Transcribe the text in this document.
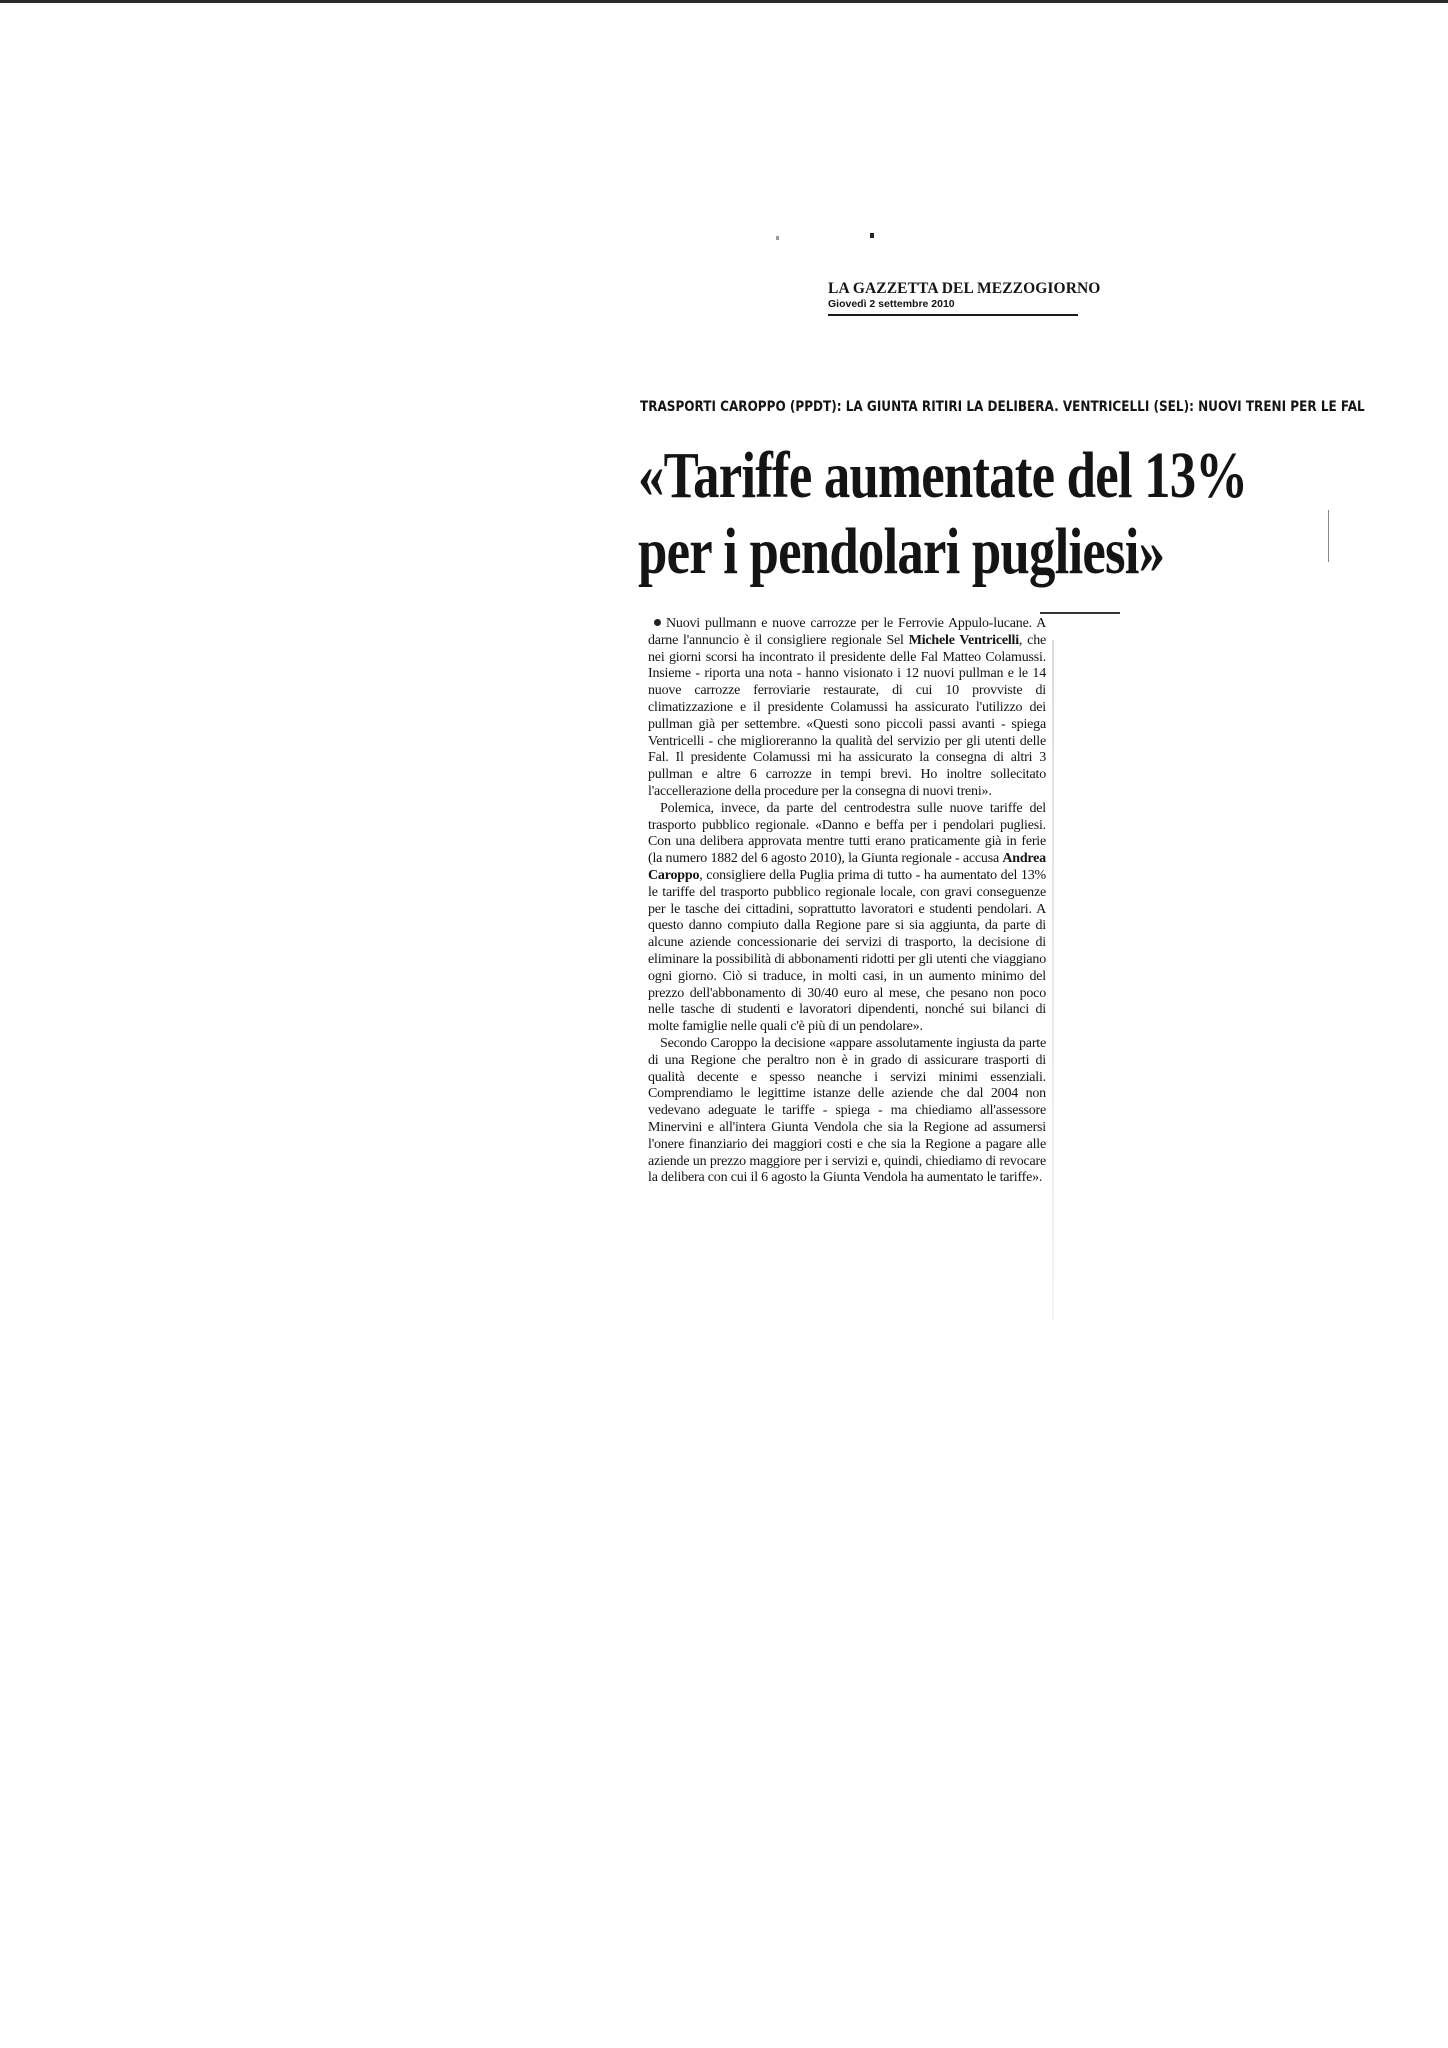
LA GAZZETTA DEL MEZZOGIORNO
Giovedì 2 settembre 2010
TRASPORTI CAROPPO (PPDT): LA GIUNTA RITIRI LA DELIBERA. VENTRICELLI (SEL): NUOVI TRENI PER LE FAL
«Tariffe aumentate del 13%
per i pendolari pugliesi»

Nuovi pullmann e nuove carrozze per le Ferrovie Appulo-lucane. A darne l'annuncio è il consigliere regionale Sel Michele Ventricelli, che nei giorni scorsi ha incontrato il presidente delle Fal Matteo Colamussi. Insieme - riporta una nota - hanno visionato i 12 nuovi pullman e le 14 nuove carrozze ferroviarie restaurate, di cui 10 provviste di climatizzazione e il presidente Colamussi ha assicurato l'utilizzo dei pullman già per settembre. «Questi sono piccoli passi avanti - spiega Ventricelli - che miglioreranno la qualità del servizio per gli utenti delle Fal. Il presidente Colamussi mi ha assicurato la consegna di altri 3 pullman e altre 6 carrozze in tempi brevi. Ho inoltre sollecitato l'accellerazione della procedure per la consegna di nuovi treni».

Polemica, invece, da parte del centrodestra sulle nuove tariffe del trasporto pubblico regionale. «Danno e beffa per i pendolari pugliesi. Con una delibera approvata mentre tutti erano praticamente già in ferie (la numero 1882 del 6 agosto 2010), la Giunta regionale - accusa Andrea Caroppo, consigliere della Puglia prima di tutto - ha aumentato del 13% le tariffe del trasporto pubblico regionale locale, con gravi conseguenze per le tasche dei cittadini, soprattutto lavoratori e studenti pendolari. A questo danno compiuto dalla Regione pare si sia aggiunta, da parte di alcune aziende concessionarie dei servizi di trasporto, la decisione di eliminare la possibilità di abbonamenti ridotti per gli utenti che viaggiano ogni giorno. Ciò si traduce, in molti casi, in un aumento minimo del prezzo dell'abbonamento di 30/40 euro al mese, che pesano non poco nelle tasche di studenti e lavoratori dipendenti, nonché sui bilanci di molte famiglie nelle quali c'è più di un pendolare».

Secondo Caroppo la decisione «appare assolutamente ingiusta da parte di una Regione che peraltro non è in grado di assicurare trasporti di qualità decente e spesso neanche i servizi minimi essenziali. Comprendiamo le legittime istanze delle aziende che dal 2004 non vedevano adeguate le tariffe - spiega - ma chiediamo all'assessore Minervini e all'intera Giunta Vendola che sia la Regione ad assumersi l'onere finanziario dei maggiori costi e che sia la Regione a pagare alle aziende un prezzo maggiore per i servizi e, quindi, chiediamo di revocare la delibera con cui il 6 agosto la Giunta Vendola ha aumentato le tariffe».
